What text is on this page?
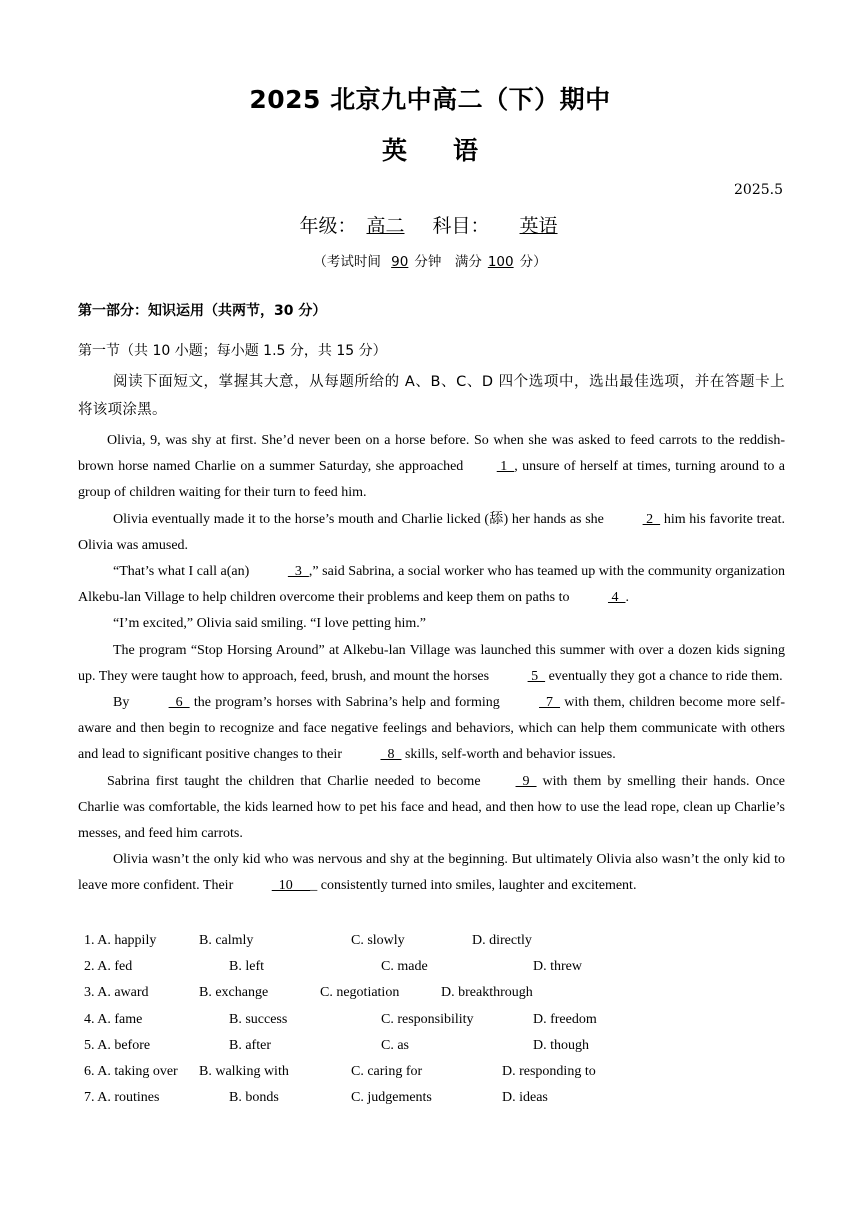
2025 北京九中高二（下）期中
英 语
2025.5
年级： 高二 科目： 英语
（考试时间 90 分钟　满分 100 分）
第一部分：知识运用（共两节，30 分）
第一节（共 10 小题；每小题 1.5 分，共 15 分）
阅读下面短文，掌握其大意，从每题所给的 A、B、C、D 四个选项中，选出最佳选项，并在答题卡上将该项涂黑。

Olivia, 9, was shy at first. She’d never been on a horse before. So when she was asked to feed carrots to the reddish-brown horse named Charlie on a summer Saturday, she approached  1  , unsure of herself at times, turning around to a group of children waiting for their turn to feed him.

Olivia eventually made it to the horse’s mouth and Charlie licked (舔) her hands as she	2   him his favorite treat. Olivia was amused.

“That’s what I call a(an)	3  ,” said Sabrina, a social worker who has teamed up with the community organization Alkebu-lan Village to help children overcome their problems and keep them on paths to	4  .

“I’m excited,” Olivia said smiling. “I love petting him.”

The program “Stop Horsing Around” at Alkebu-lan Village was launched this summer with over a dozen kids signing up. They were taught how to approach, feed, brush, and mount the horses	5   eventually they got a chance to ride them.

By	6   the program’s horses with Sabrina’s help and forming	7   with them, children become more self-aware and then begin to recognize and face negative feelings and behaviors, which can help them communicate with others and lead to significant positive changes to their	8   skills, self-worth and behavior issues.

Sabrina first taught the children that Charlie needed to become   9   with them by smelling their hands. Once Charlie was comfortable, the kids learned how to pet his face and head, and then how to use the lead rope, clean up Charlie’s messes, and feed him carrots.

Olivia wasn’t the only kid who was nervous and shy at the beginning. But ultimately Olivia also wasn’t the only kid to leave more confident. Their	10     _ consistently turned into smiles, laughter and excitement.

1. A. happily	B. calmly	C. slowly	D. directly
2. A. fed	B. left	C. made	D. threw
3. A. award	B. exchange	C. negotiation	D. breakthrough
4. A. fame	B. success	C. responsibility	D. freedom
5. A. before	B. after	C. as	D. though
6. A. taking over B. walking with	C. caring for	D. responding to
7. A. routines	B. bonds	C. judgements	D. ideas
